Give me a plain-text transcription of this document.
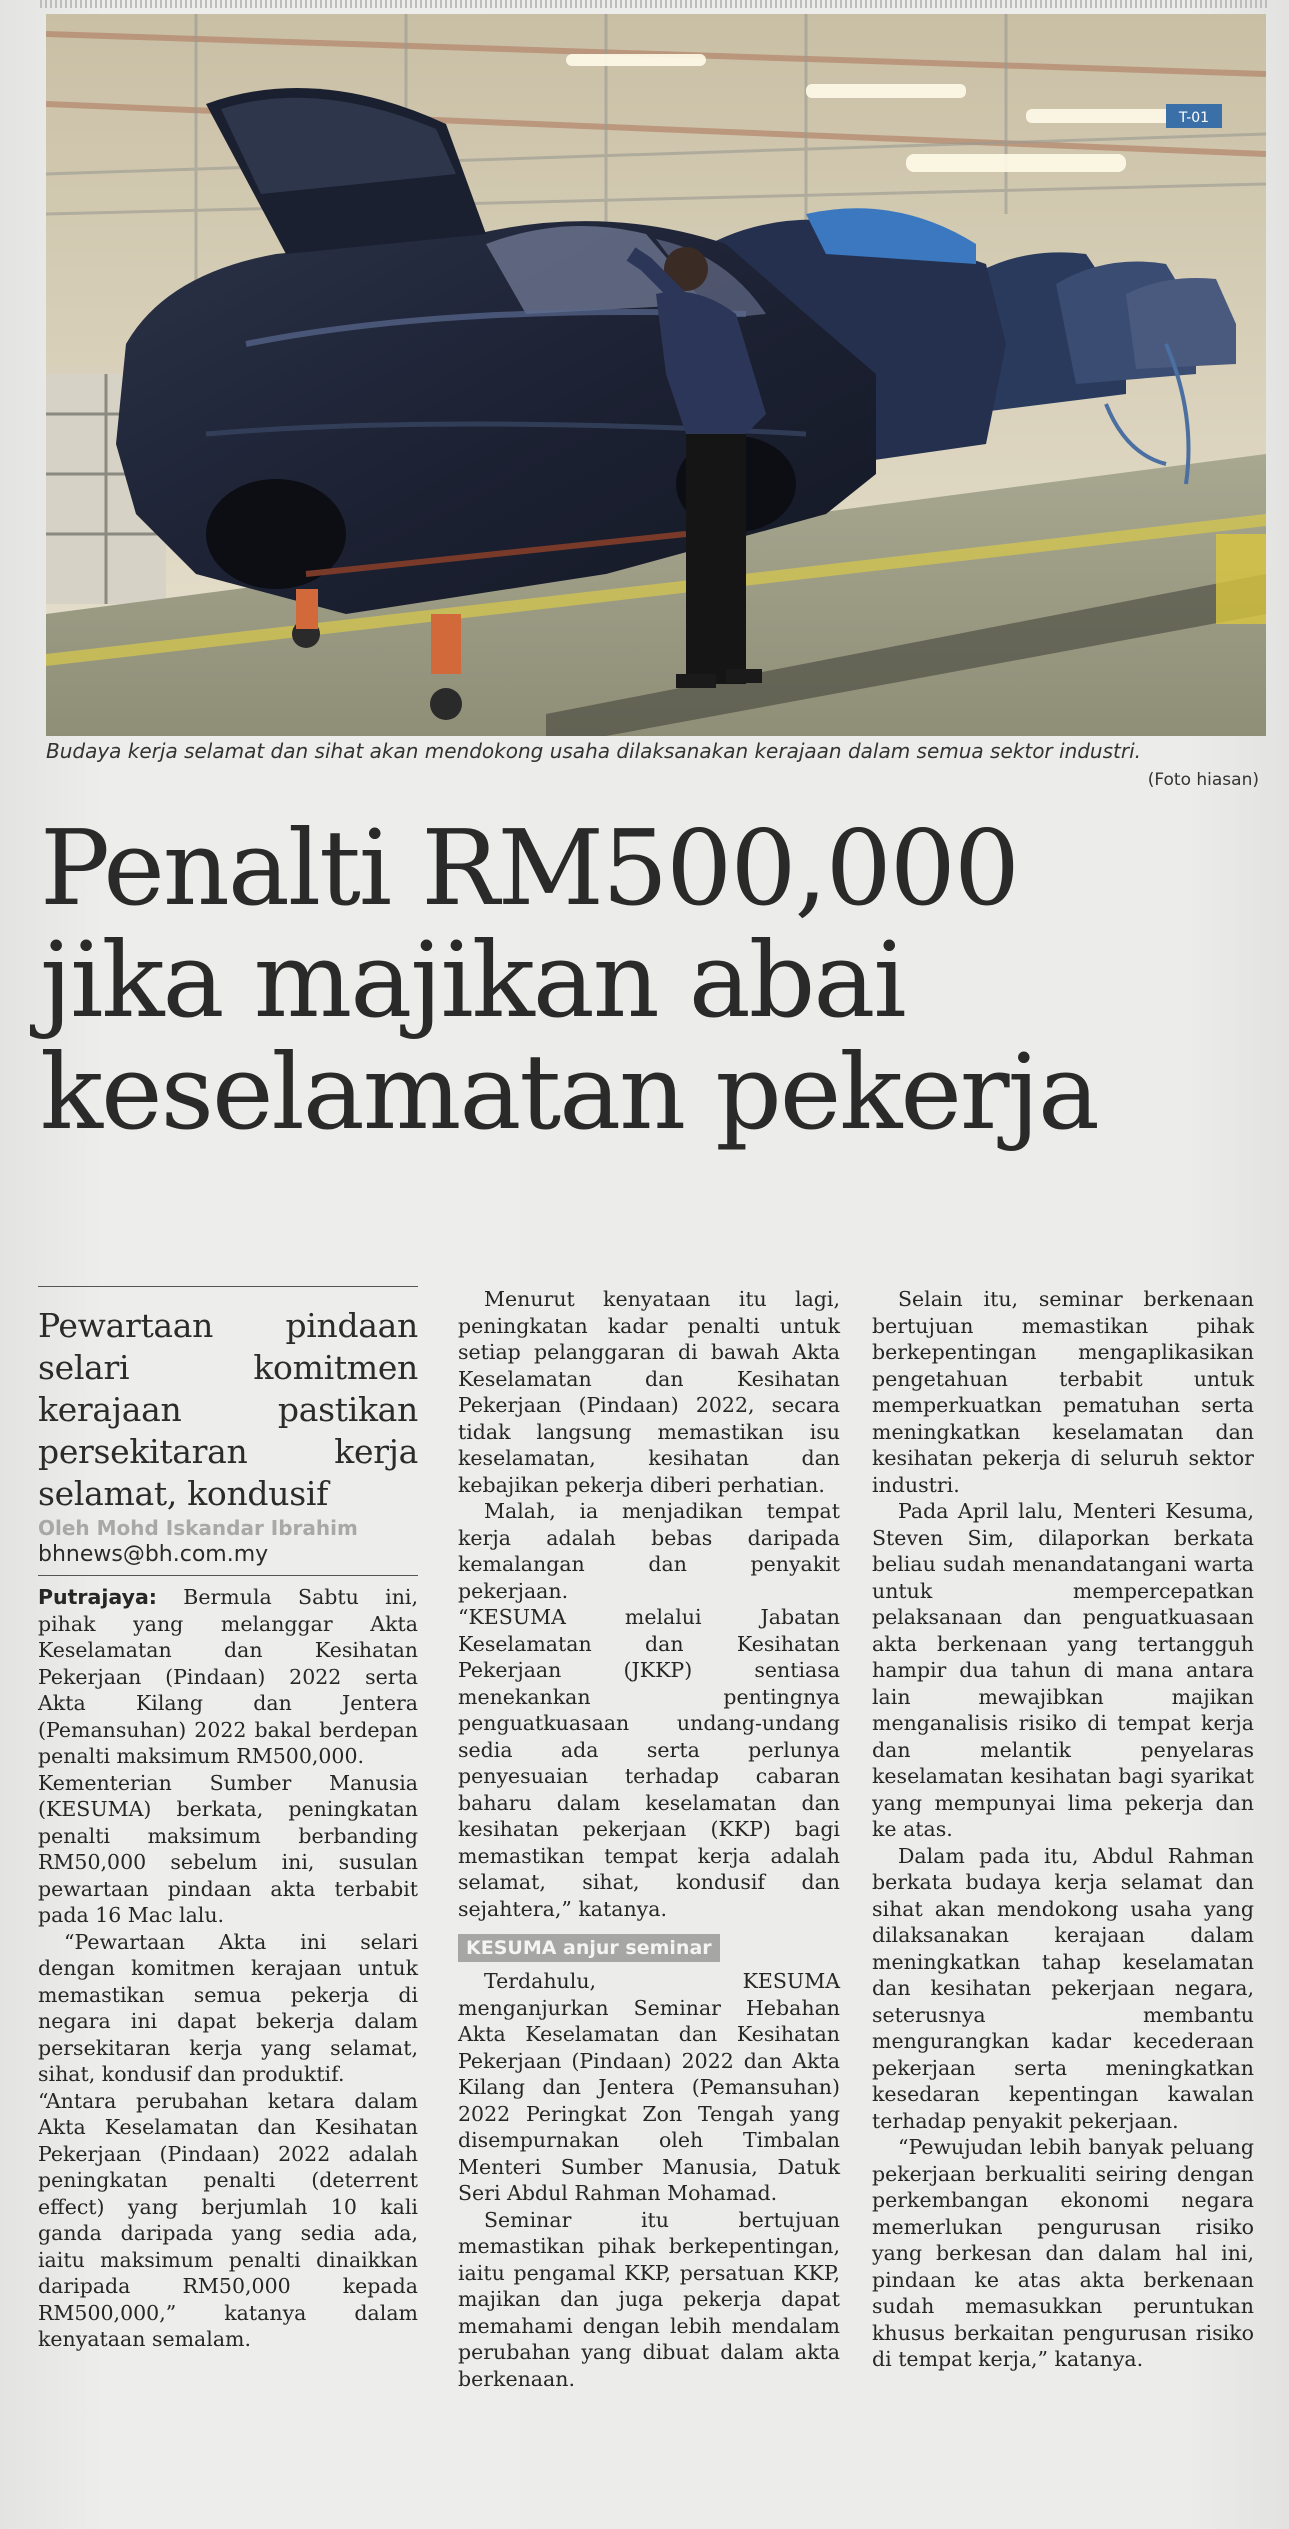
T-01
Budaya kerja selamat dan sihat akan mendokong usaha dilaksanakan kerajaan dalam semua sektor industri.
(Foto hiasan)
Penalti RM500,000
jika majikan abai
keselamatan pekerja

Pewartaan pindaan selari komitmen kerajaan pastikan persekitaran kerja selamat, kondusif

Oleh Mohd Iskandar Ibrahim
bhnews@bh.com.my

Putrajaya: Bermula Sabtu ini, pihak yang melanggar Akta Keselamatan dan Kesihatan Pekerjaan (Pindaan) 2022 serta Akta Kilang dan Jentera (Pemansuhan) 2022 bakal berdepan penalti maksimum RM500,000.

Kementerian Sumber Manusia (KESUMA) berkata, peningkatan penalti maksimum berbanding RM50,000 sebelum ini, susulan pewartaan pindaan akta terbabit pada 16 Mac lalu.

“Pewartaan Akta ini selari dengan komitmen kerajaan untuk memastikan semua pekerja di negara ini dapat bekerja dalam persekitaran kerja yang selamat, sihat, kondusif dan produktif.

“Antara perubahan ketara dalam Akta Keselamatan dan Kesihatan Pekerjaan (Pindaan) 2022 adalah peningkatan penalti (deterrent effect) yang berjumlah 10 kali ganda daripada yang sedia ada, iaitu maksimum penalti dinaikkan daripada RM50,000 kepada RM500,000,” katanya dalam kenyataan semalam.

Menurut kenyataan itu lagi, peningkatan kadar penalti untuk setiap pelanggaran di bawah Akta Keselamatan dan Kesihatan Pekerjaan (Pindaan) 2022, secara tidak langsung memastikan isu keselamatan, kesihatan dan kebajikan pekerja diberi perhatian.

Malah, ia menjadikan tempat kerja adalah bebas daripada kemalangan dan penyakit pekerjaan.

“KESUMA melalui Jabatan Keselamatan dan Kesihatan Pekerjaan (JKKP) sentiasa menekankan pentingnya penguatkuasaan undang-undang sedia ada serta perlunya penyesuaian terhadap cabaran baharu dalam keselamatan dan kesihatan pekerjaan (KKP) bagi memastikan tempat kerja adalah selamat, sihat, kondusif dan sejahtera,” katanya.

KESUMA anjur seminar

Terdahulu, KESUMA menganjurkan Seminar Hebahan Akta Keselamatan dan Kesihatan Pekerjaan (Pindaan) 2022 dan Akta Kilang dan Jentera (Pemansuhan) 2022 Peringkat Zon Tengah yang disempurnakan oleh Timbalan Menteri Sumber Manusia, Datuk Seri Abdul Rahman Mohamad.

Seminar itu bertujuan memastikan pihak berkepentingan, iaitu pengamal KKP, persatuan KKP, majikan dan juga pekerja dapat memahami dengan lebih mendalam perubahan yang dibuat dalam akta berkenaan.

Selain itu, seminar berkenaan bertujuan memastikan pihak berkepentingan mengaplikasikan pengetahuan terbabit untuk memperkuatkan pematuhan serta meningkatkan keselamatan dan kesihatan pekerja di seluruh sektor industri.

Pada April lalu, Menteri Kesuma, Steven Sim, dilaporkan berkata beliau sudah menandatangani warta untuk mempercepatkan pelaksanaan dan penguatkuasaan akta berkenaan yang tertangguh hampir dua tahun di mana antara lain mewajibkan majikan menganalisis risiko di tempat kerja dan melantik penyelaras keselamatan kesihatan bagi syarikat yang mempunyai lima pekerja dan ke atas.

Dalam pada itu, Abdul Rahman berkata budaya kerja selamat dan sihat akan mendokong usaha yang dilaksanakan kerajaan dalam meningkatkan tahap keselamatan dan kesihatan pekerjaan negara, seterusnya membantu mengurangkan kadar kecederaan pekerjaan serta meningkatkan kesedaran kepentingan kawalan terhadap penyakit pekerjaan.

“Pewujudan lebih banyak peluang pekerjaan berkualiti seiring dengan perkembangan ekonomi negara memerlukan pengurusan risiko yang berkesan dan dalam hal ini, pindaan ke atas akta berkenaan sudah memasukkan peruntukan khusus berkaitan pengurusan risiko di tempat kerja,” katanya.
